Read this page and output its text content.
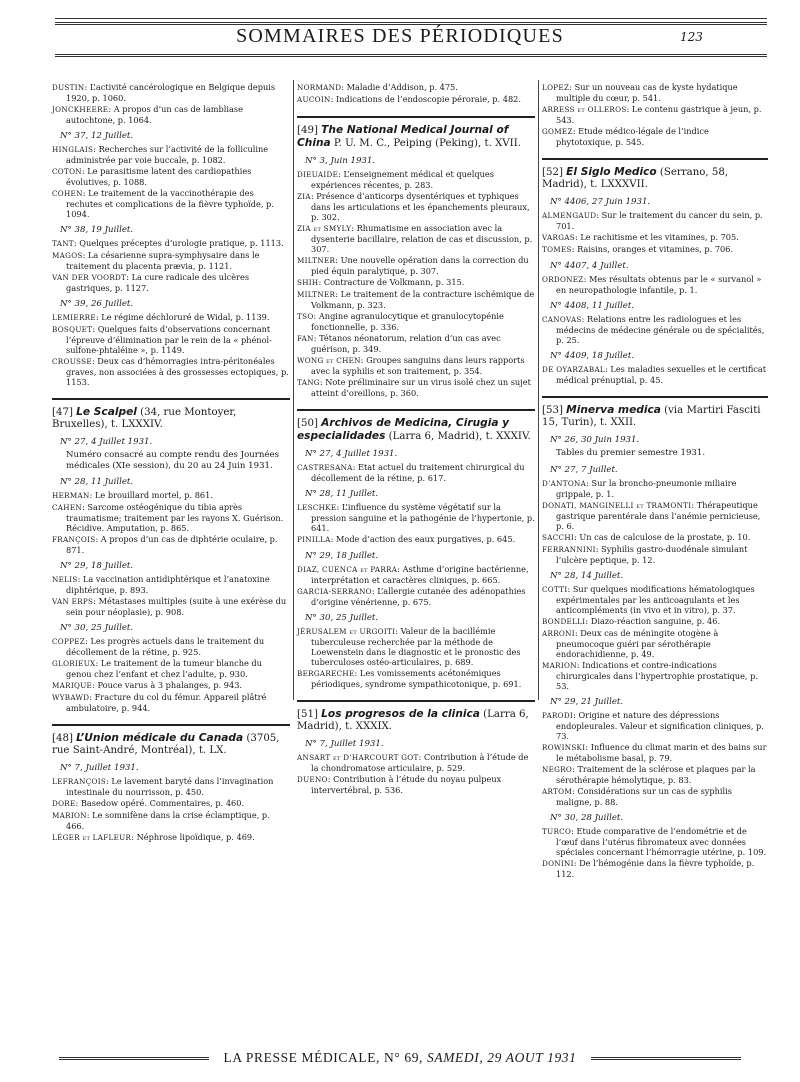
SOMMAIRES DES PÉRIODIQUES	123
DUSTIN: L’activité cancérologique en Belgique depuis 1920, p. 1060.
JONCKHEERE: A propos d’un cas de lambliase autochtone, p. 1064.
N° 37, 12 Juillet.
HINGLAIS: Recherches sur l’activité de la folliculine administrée par voie buccale, p. 1082.
COTON: Le parasitisme latent des cardiopathies évolutives, p. 1088.
COHEN: Le traitement de la vaccinothérapie des rechutes et complications de la fièvre typhoïde, p. 1094.
N° 38, 19 Juillet.
TANT: Quelques préceptes d’urologie pratique, p. 1113.
MAGOS: La césarienne supra-symphysaire dans le traitement du placenta prævia, p. 1121.
VAN DER VOORDT: La cure radicale des ulcères gastriques, p. 1127.
N° 39, 26 Juillet.
LEMIERRE: Le régime déchloruré de Widal, p. 1139.
BOSQUET: Quelques faits d’observations concernant l’épreuve d’élimination par le rein de la « phénol-sulfone-phtaléine », p. 1149.
CROUSSE: Deux cas d’hémorragies intra-péritonéales graves, non associées à des grossesses ectopiques, p. 1153.
[47] Le Scalpel (34, rue Montoyer, Bruxelles), t. LXXXIV.
N° 27, 4 Juillet 1931.
Numéro consacré au compte rendu des Journées médicales (XIe session), du 20 au 24 Juin 1931.
N° 28, 11 Juillet.
HERMAN: Le brouillard mortel, p. 861.
CAHEN: Sarcome ostéogénique du tibia après traumatisme; traitement par les rayons X. Guérison. Récidive. Amputation, p. 865.
FRANÇOIS: A propos d’un cas de diphtérie oculaire, p. 871.
N° 29, 18 Juillet.
NELIS: La vaccination antidiphtérique et l’anatoxine diphtérique, p. 893.
VAN ERPS: Métastases multiples (suite à une exérèse du sein pour néoplasie), p. 908.
N° 30, 25 Juillet.
COPPEZ: Les progrès actuels dans le traitement du décollement de la rétine, p. 925.
GLORIEUX: Le traitement de la tumeur blanche du genou chez l’enfant et chez l’adulte, p. 930.
MARIQUE: Pouce varus à 3 phalanges, p. 943.
WYBAWD: Fracture du col du fémur. Appareil plâtré ambulatoire, p. 944.
[48] L’Union médicale du Canada (3705, rue Saint-André, Montréal), t. LX.
N° 7, Juillet 1931.
LEFRANÇOIS: Le lavement baryté dans l’invagination intestinale du nourrisson, p. 450.
DORE: Basedow opéré. Commentaires, p. 460.
MARION: Le somnifène dans la crise éclamptique, p. 466.
LÉGER et LAFLEUR: Néphrose lipoïdique, p. 469.
NORMAND: Maladie d’Addison, p. 475.
AUCOIN: Indications de l’endoscopie péroraie, p. 482.
[49] The National Medical Journal of China P. U. M. C., Peiping (Peking), t. XVII.
N° 3, Juin 1931.
DIEUAIDE: L’enseignement médical et quelques expériences récentes, p. 283.
ZIA: Présence d’anticorps dysentériques et typhiques dans les articulations et les épanchements pleuraux, p. 302.
ZIA et SMYLY: Rhumatisme en association avec la dysenterie bacillaire, relation de cas et discussion, p. 307.
MILTNER: Une nouvelle opération dans la correction du pied équin paralytique, p. 307.
SHIH: Contracture de Volkmann, p. 315.
MILTNER: Le traitement de la contracture ischémique de Volkmann, p. 323.
TSO: Angine agranulocytique et granulocytopénie fonctionnelle, p. 336.
FAN: Tétanos néonatorum, relation d’un cas avec guérison, p. 349.
WONG et CHEN: Groupes sanguins dans leurs rapports avec la syphilis et son traitement, p. 354.
TANG: Note préliminaire sur un virus isolé chez un sujet atteint d’oreillons, p. 360.
[50] Archivos de Medicina, Cirugia y especialidades (Larra 6, Madrid), t. XXXIV.
N° 27, 4 Juillet 1931.
CASTRESANA: Etat actuel du traitement chirurgical du décollement de la rétine, p. 617.
N° 28, 11 Juillet.
LESCHKE: L’influence du système végétatif sur la pression sanguine et la pathogénie de l’hypertonie, p. 641.
PINILLA: Mode d’action des eaux purgatives, p. 645.
N° 29, 18 Juillet.
DIAZ, CUENCA et PARRA: Asthme d’origine bactérienne, interprétation et caractères cliniques, p. 665.
GARCIA-SERRANO: L’allergie cutanée des adénopathies d’origine vénérienne, p. 675.
N° 30, 25 Juillet.
JÉRUSALEM et URGOITI: Valeur de la bacillémie tuberculeuse recherchée par la méthode de Loewenstein dans le diagnostic et le pronostic des tuberculoses ostéo-articulaires, p. 689.
BERGARECHE: Les vomissements acétonémiques périodiques, syndrome sympathicotonique, p. 691.
[51] Los progresos de la clinica (Larra 6, Madrid), t. XXXIX.
N° 7, Juillet 1931.
ANSART et D’HARCOURT GOT: Contribution à l’étude de la chondromatose articulaire, p. 529.
DUENO: Contribution à l’étude du noyau pulpeux intervertébral, p. 536.
LOPEZ: Sur un nouveau cas de kyste hydatique multiple du cœur, p. 541.
ARRESS et OLLEROS: Le contenu gastrique à jeun, p. 543.
GOMEZ: Etude médico-légale de l’indice phytotoxique, p. 545.
[52] El Siglo Medico (Serrano, 58, Madrid), t. LXXXVII.
N° 4406, 27 Juin 1931.
ALMENGAUD: Sur le traitement du cancer du sein, p. 701.
VARGAS: Le rachitisme et les vitamines, p. 705.
TOMES: Raisins, oranges et vitamines, p. 706.
N° 4407, 4 Juillet.
ORDONEZ: Mes résultats obtenus par le « survanol » en neuropathologie infantile, p. 1.
N° 4408, 11 Juillet.
CANOVAS: Relations entre les radiologues et les médecins de médecine générale ou de spécialités, p. 25.
N° 4409, 18 Juillet.
DE OYARZABAL: Les maladies sexuelles et le certificat médical prénuptial, p. 45.
[53] Minerva medica (via Martiri Fasciti 15, Turin), t. XXII.
N° 26, 30 Juin 1931.
Tables du premier semestre 1931.
N° 27, 7 Juillet.
D’ANTONA: Sur la broncho-pneumonie miliaire grippale, p. 1.
DONATI, MANGINELLI et TRAMONTI: Thérapeutique gastrique parentérale dans l’anémie pernicieuse, p. 6.
SACCHI: Un cas de calculose de la prostate, p. 10.
FERRANNINI: Syphilis gastro-duodénale simulant l’ulcère peptique, p. 12.
N° 28, 14 Juillet.
COTTI: Sur quelques modifications hématologiques expérimentales par les anticoagulants et les anticompléments (in vivo et in vitro), p. 37.
BONDELLI: Diazo-réaction sanguine, p. 46.
ARRONI: Deux cas de méningite otogène à pneumocoque guéri par sérothérapie endorachidienne, p. 49.
MARION: Indications et contre-indications chirurgicales dans l’hypertrophie prostatique, p. 53.
N° 29, 21 Juillet.
PARODI: Origine et nature des dépressions endopleurales. Valeur et signification cliniques, p. 73.
ROWINSKI: Influence du climat marin et des bains sur le métabolisme basal, p. 79.
NEGRO: Traitement de la sclérose et plaques par la sérothérapie hémolytique, p. 83.
ARTOM: Considérations sur un cas de syphilis maligne, p. 88.
N° 30, 28 Juillet.
TURCO: Etude comparative de l’endométrie et de l’œuf dans l’utérus fibromateux avec données spéciales concernant l’hémorragie utérine, p. 109.
DONINI: De l’hémogénie dans la fièvre typhoïde, p. 112.
LA PRESSE MÉDICALE, N° 69, SAMEDI, 29 AOUT 1931
